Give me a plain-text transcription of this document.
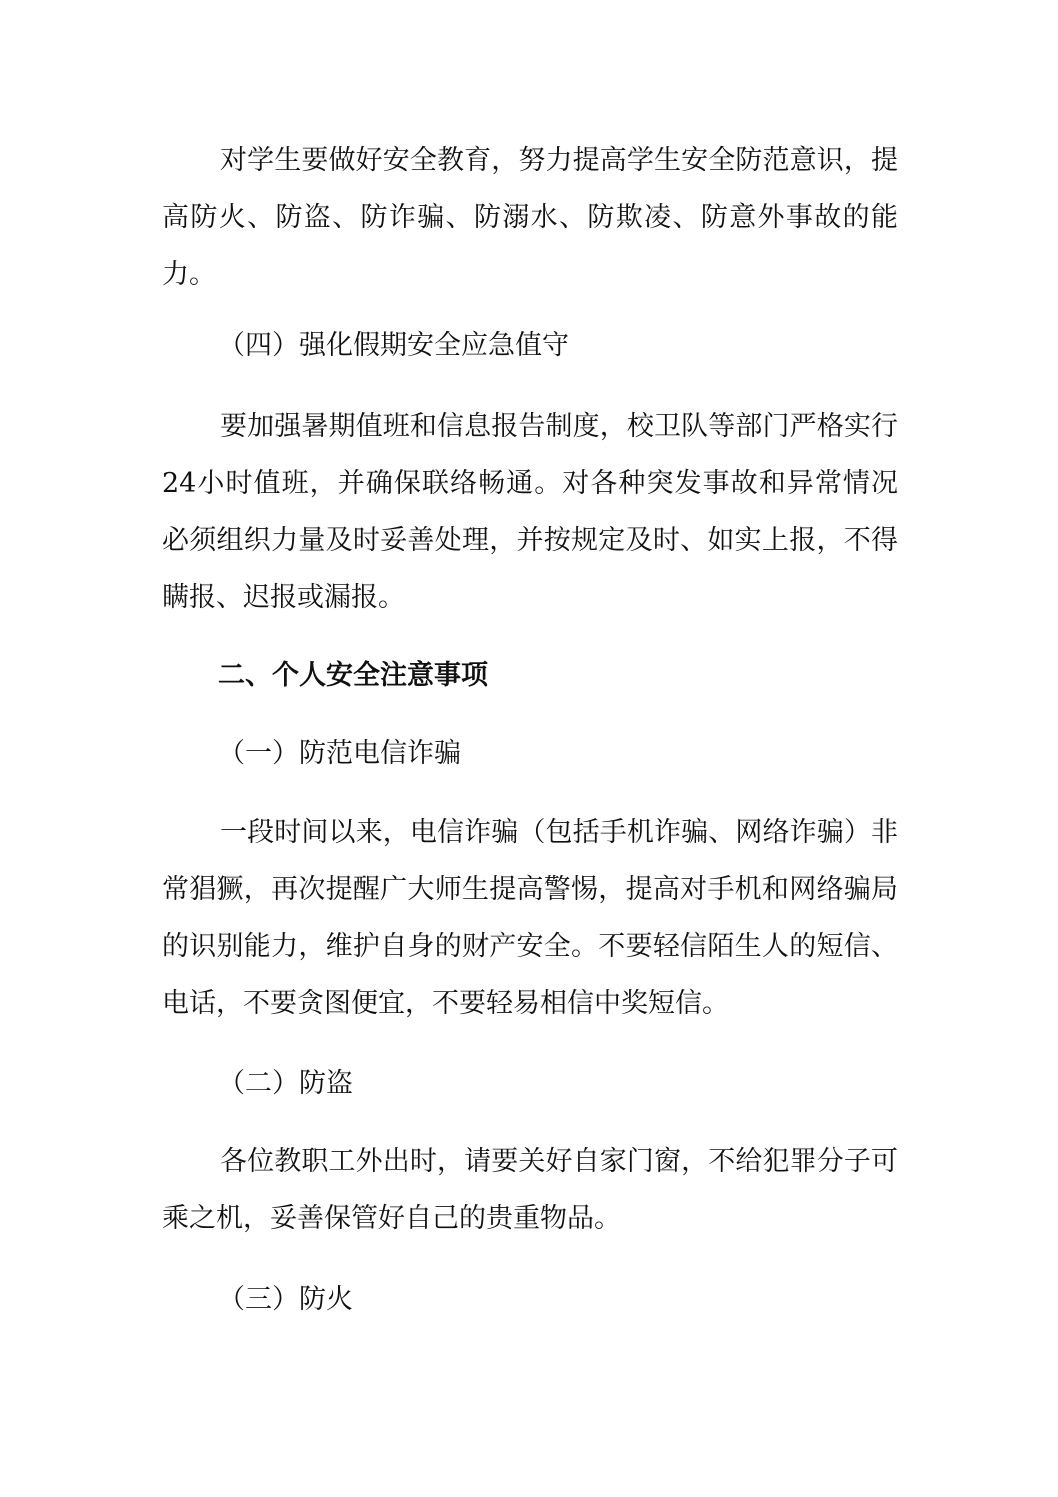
对学生要做好安全教育，努力提高学生安全防范意识，提高防火、防盗、防诈骗、防溺水、防欺凌、防意外事故的能力。

（四）强化假期安全应急值守

要加强暑期值班和信息报告制度，校卫队等部门严格实行24小时值班，并确保联络畅通。对各种突发事故和异常情况必须组织力量及时妥善处理，并按规定及时、如实上报，不得瞒报、迟报或漏报。

二、个人安全注意事项

（一）防范电信诈骗

一段时间以来，电信诈骗（包括手机诈骗、网络诈骗）非常猖獗，再次提醒广大师生提高警惕，提高对手机和网络骗局的识别能力，维护自身的财产安全。不要轻信陌生人的短信、电话，不要贪图便宜，不要轻易相信中奖短信。

（二）防盗

各位教职工外出时，请要关好自家门窗，不给犯罪分子可乘之机，妥善保管好自己的贵重物品。

（三）防火
